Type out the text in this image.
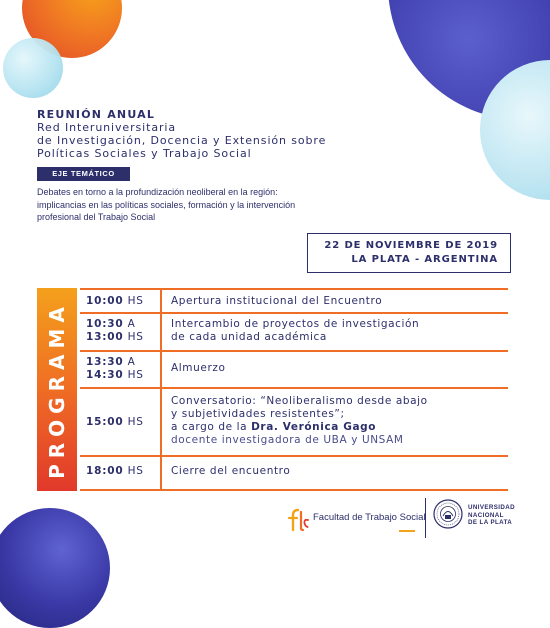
REUNIÓN ANUAL
Red Interuniversitaria
de Investigación, Docencia y Extensión sobre
Políticas Sociales y Trabajo Social
EJE TEMÁTICO
Debates en torno a la profundización neoliberal en la región:
implicancias en las políticas sociales, formación y la intervención
profesional del Trabajo Social
22 DE NOVIEMBRE DE 2019
LA PLATA - ARGENTINA
PROGRAMA 10:00 HS	Apertura institucional del Encuentro
10:30 A
13:00 HS
Intercambio de proyectos de investigación
de cada unidad académica
13:30 A
14:30 HS
Almuerzo
15:00 HS
Conversatorio: “Neoliberalismo desde abajo
y subjetividades resistentes”;
a cargo de la Dra. Verónica Gago
docente investigadora de UBA y UNSAM
18:00 HS	Cierre del encuentro
Facultad de Trabajo Social
UNIVERSIDAD
NACIONAL
DE LA PLATA
